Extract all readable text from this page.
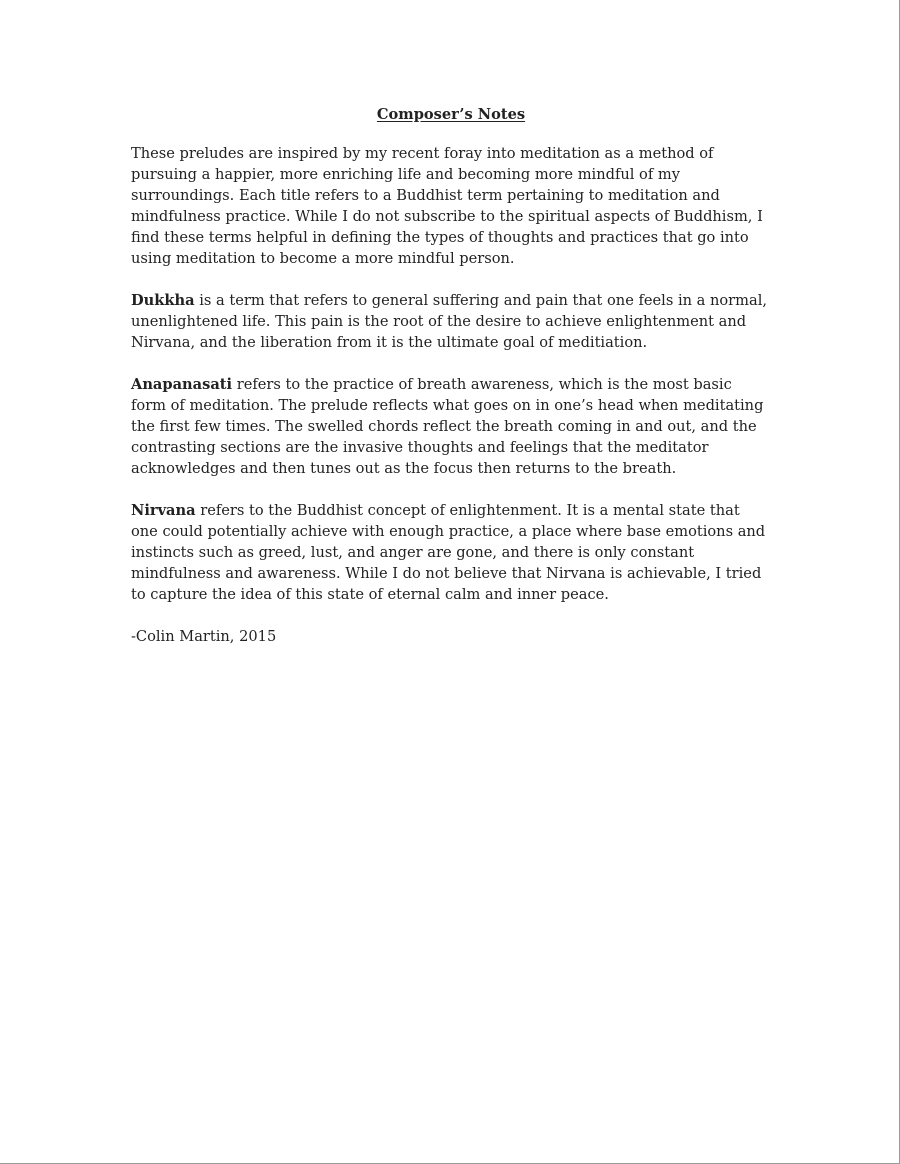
Composer’s Notes

These preludes are inspired by my recent foray into meditation as a method of pursuing a happier, more enriching life and becoming more mindful of my surroundings. Each title refers to a Buddhist term pertaining to meditation and mindfulness practice. While I do not subscribe to the spiritual aspects of Buddhism, I find these terms helpful in defining the types of thoughts and practices that go into using meditation to become a more mindful person.

Dukkha is a term that refers to general suffering and pain that one feels in a normal, unenlightened life. This pain is the root of the desire to achieve enlightenment and Nirvana, and the liberation from it is the ultimate goal of meditiation.

Anapanasati refers to the practice of breath awareness, which is the most basic form of meditation. The prelude reflects what goes on in one’s head when meditating the first few times. The swelled chords reflect the breath coming in and out, and the contrasting sections are the invasive thoughts and feelings that the meditator acknowledges and then tunes out as the focus then returns to the breath.

Nirvana refers to the Buddhist concept of enlightenment. It is a mental state that one could potentially achieve with enough practice, a place where base emotions and instincts such as greed, lust, and anger are gone, and there is only constant mindfulness and awareness. While I do not believe that Nirvana is achievable, I tried to capture the idea of this state of eternal calm and inner peace.

-Colin Martin, 2015
